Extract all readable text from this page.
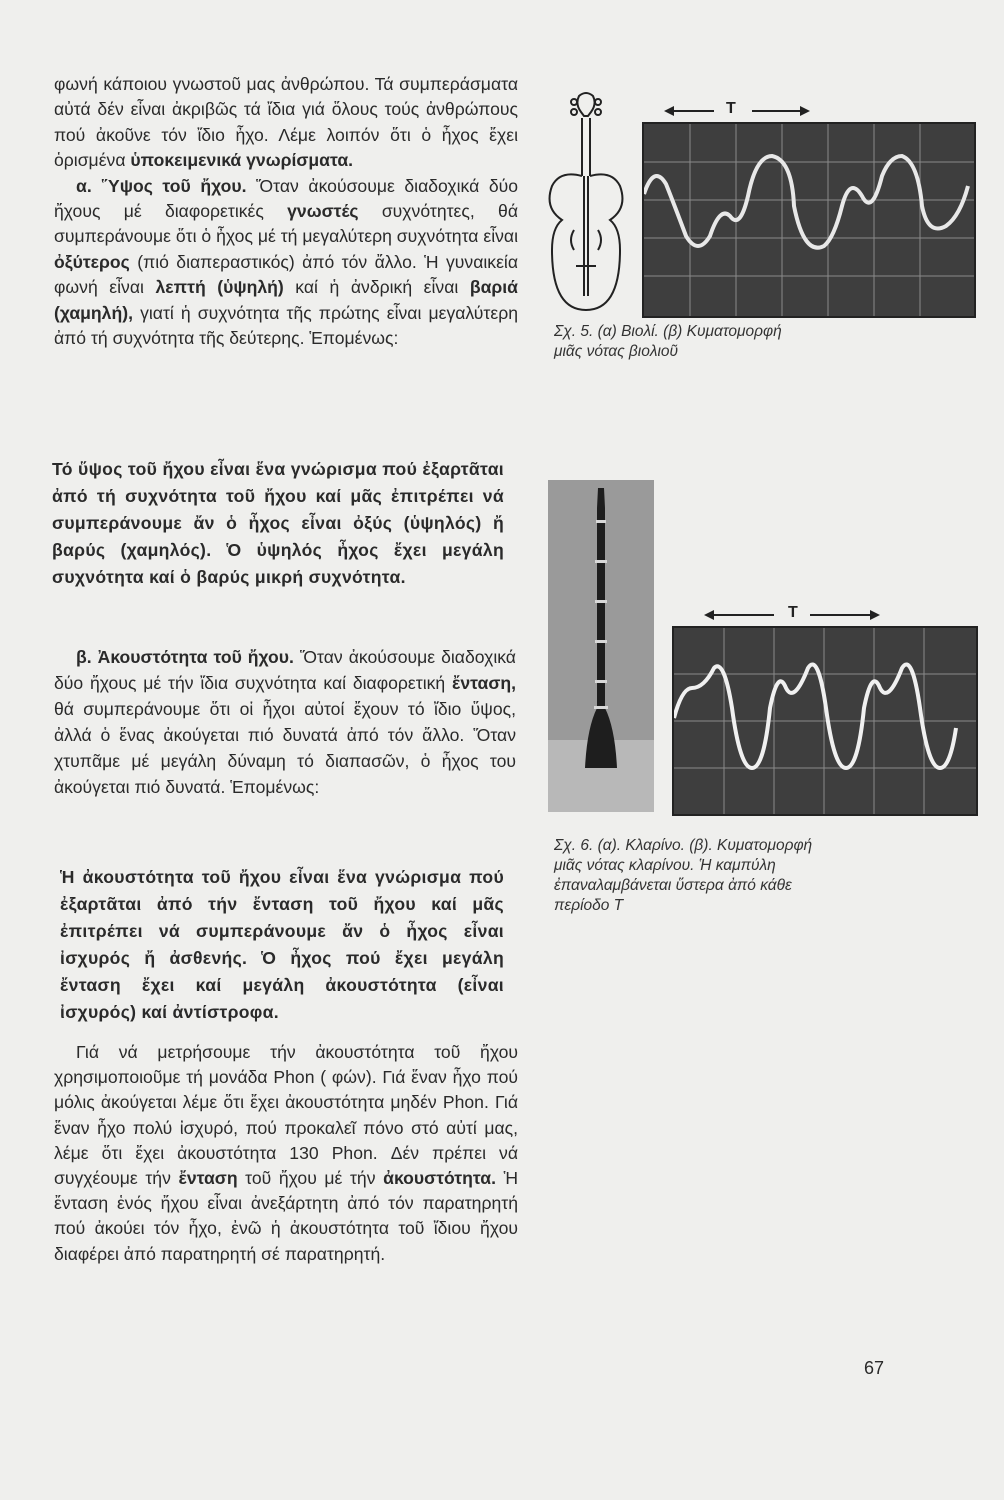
φωνή κάποιου γνωστοῦ μας ἀνθρώπου. Τά συμπεράσματα αὐτά δέν εἶναι ἀκριβῶς τά ἴδια γιά ὅλους τούς ἀνθρώπους πού ἀκοῦνε τόν ἴδιο ἦχο. Λέμε λοιπόν ὅτι ὁ ἦχος ἔχει ὁρισμένα ὑποκειμενικά γνωρίσματα.

α. Ὕψος τοῦ ἤχου. Ὅταν ἀκούσουμε διαδοχικά δύο ἤχους μέ διαφορετικές γνωστές συχνότητες, θά συμπεράνουμε ὅτι ὁ ἦχος μέ τή μεγαλύτερη συχνότητα εἶναι ὀξύτερος (πιό διαπεραστικός) ἀπό τόν ἄλλο. Ἡ γυναικεία φωνή εἶναι λεπτή (ὑψηλή) καί ἡ ἀνδρική εἶναι βαριά (χαμηλή), γιατί ἡ συχνότητα τῆς πρώτης εἶναι μεγαλύτερη ἀπό τή συχνότητα τῆς δεύτερης. Ἑπομένως:

Τό ὕψος τοῦ ἤχου εἶναι ἕνα γνώρισμα πού ἐξαρτᾶται ἀπό τή συχνότητα τοῦ ἤχου καί μᾶς ἐπιτρέπει νά συμπεράνουμε ἄν ὁ ἦχος εἶναι ὀξύς (ὑψηλός) ἤ βαρύς (χαμηλός). Ὁ ὑψηλός ἦχος ἔχει μεγάλη συχνότητα καί ὁ βαρύς μικρή συχνότητα.

β. Ἀκουστότητα τοῦ ἤχου. Ὅταν ἀκούσουμε διαδοχικά δύο ἤχους μέ τήν ἴδια συχνότητα καί διαφορετική ἔνταση, θά συμπεράνουμε ὅτι οἱ ἦχοι αὐτοί ἔχουν τό ἴδιο ὕψος, ἀλλά ὁ ἕνας ἀκούγεται πιό δυνατά ἀπό τόν ἄλλο. Ὅταν χτυπᾶμε μέ μεγάλη δύναμη τό διαπασῶν, ὁ ἦχος του ἀκούγεται πιό δυνατά. Ἑπομένως:

Ἡ ἀκουστότητα τοῦ ἤχου εἶναι ἕνα γνώρισμα πού ἐξαρτᾶται ἀπό τήν ἔνταση τοῦ ἤχου καί μᾶς ἐπιτρέπει νά συμπεράνουμε ἄν ὁ ἦχος εἶναι ἰσχυρός ἤ ἀσθενής. Ὁ ἦχος πού ἔχει μεγάλη ἔνταση ἔχει καί μεγάλη ἀκουστότητα (εἶναι ἰσχυρός) καί ἀντίστροφα.

Γιά νά μετρήσουμε τήν ἀκουστότητα τοῦ ἤχου χρησιμοποιοῦμε τή μονάδα Phon ( φών). Γιά ἕναν ἦχο πού μόλις ἀκούγεται λέμε ὅτι ἔχει ἀκουστότητα μηδέν Phon. Γιά ἕναν ἦχο πολύ ἰσχυρό, πού προκαλεῖ πόνο στό αὐτί μας, λέμε ὅτι ἔχει ἀκουστότητα 130 Phon. Δέν πρέπει νά συγχέουμε τήν ἔνταση τοῦ ἤχου μέ τήν ἀκουστότητα. Ἡ ἔνταση ἑνός ἤχου εἶναι ἀνεξάρτητη ἀπό τόν παρατηρητή πού ἀκούει τόν ἦχο, ἐνῶ ἡ ἀκουστότητα τοῦ ἴδιου ἤχου διαφέρει ἀπό παρατηρητή σέ παρατηρητή.

T
Σχ. 5. (α) Βιολί. (β) Κυματομορφή
μιᾶς νότας βιολιοῦ
T
Σχ. 6. (α). Κλαρίνο. (β). Κυματομορφή
μιᾶς νότας κλαρίνου. Ἡ καμπύλη
ἐπαναλαμβάνεται ὕστερα ἀπό κάθε
περίοδο T
67
